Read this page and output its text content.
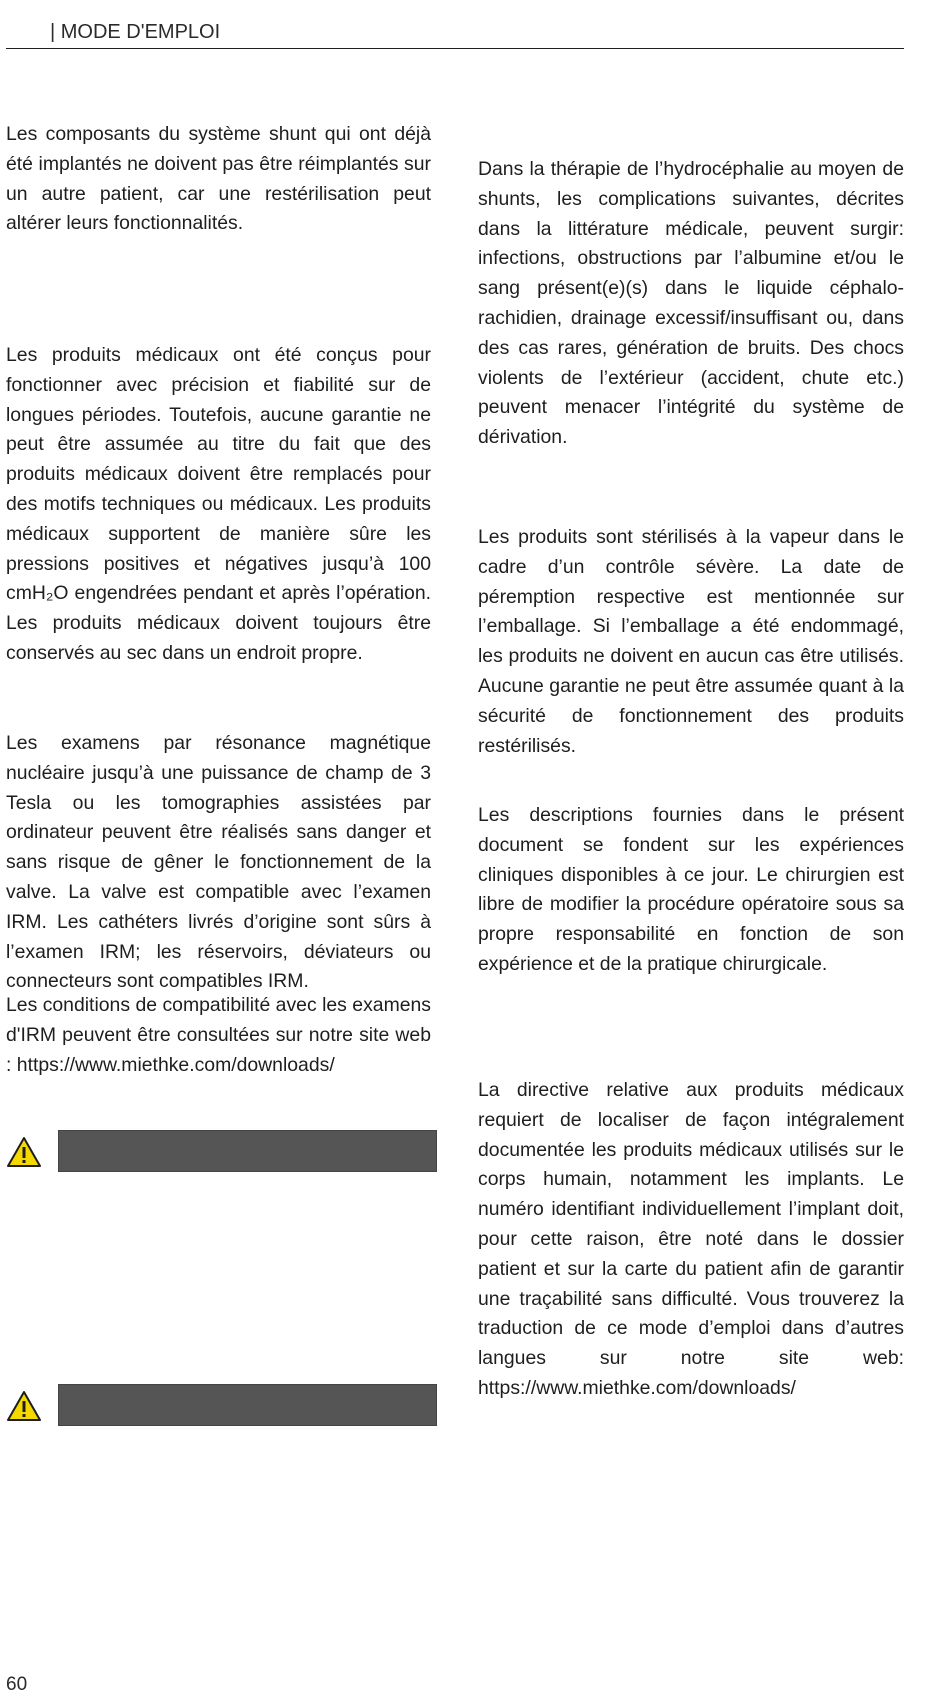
| MODE D'EMPLOI

Les composants du système shunt qui ont déjà été implantés ne doivent pas être réimplantés sur un autre patient, car une restérilisation peut altérer leurs fonctionnalités.

Les produits médicaux ont été conçus pour fonctionner avec précision et fiabilité sur de longues périodes. Toutefois, aucune garantie ne peut être assumée au titre du fait que des produits médicaux doivent être remplacés pour des motifs techniques ou médicaux. Les produits médicaux supportent de manière sûre les pressions positives et négatives jusqu’à 100 cmH₂O engendrées pendant et après l’opération. Les produits médicaux doivent toujours être conservés au sec dans un endroit propre.

Les examens par résonance magnétique nucléaire jusqu’à une puissance de champ de 3 Tesla ou les tomographies assistées par ordinateur peuvent être réalisés sans danger et sans risque de gêner le fonctionnement de la valve. La valve est compatible avec l’examen IRM. Les cathéters livrés d’origine sont sûrs à l’examen IRM; les réservoirs, déviateurs ou connecteurs sont compatibles IRM.

Les conditions de compatibilité avec les examens d'IRM peuvent être consultées sur notre site web : https://www.miethke.com/downloads/

Dans la thérapie de l’hydrocéphalie au moyen de shunts, les complications suivantes, décrites dans la littérature médicale, peuvent surgir: infections, obstructions par l’albumine et/ou le sang présent(e)(s) dans le liquide céphalo-rachidien, drainage excessif/insuffisant ou, dans des cas rares, génération de bruits. Des chocs violents de l’extérieur (accident, chute etc.) peuvent menacer l’intégrité du système de dérivation.

Les produits sont stérilisés à la vapeur dans le cadre d’un contrôle sévère. La date de péremption respective est mentionnée sur l’emballage. Si l’emballage a été endommagé, les produits ne doivent en aucun cas être utilisés. Aucune garantie ne peut être assumée quant à la sécurité de fonctionnement des produits restérilisés.

Les descriptions fournies dans le présent document se fondent sur les expériences cliniques disponibles à ce jour. Le chirurgien est libre de modifier la procédure opératoire sous sa propre responsabilité en fonction de son expérience et de la pratique chirurgicale.

La directive relative aux produits médicaux requiert de localiser de façon intégralement documentée les produits médicaux utilisés sur le corps humain, notamment les implants. Le numéro identifiant individuellement l’implant doit, pour cette raison, être noté dans le dossier patient et sur la carte du patient afin de garantir une traçabilité sans difficulté. Vous trouverez la traduction de ce mode d’emploi dans d’autres langues sur notre site web: https://www.miethke.com/downloads/

60
